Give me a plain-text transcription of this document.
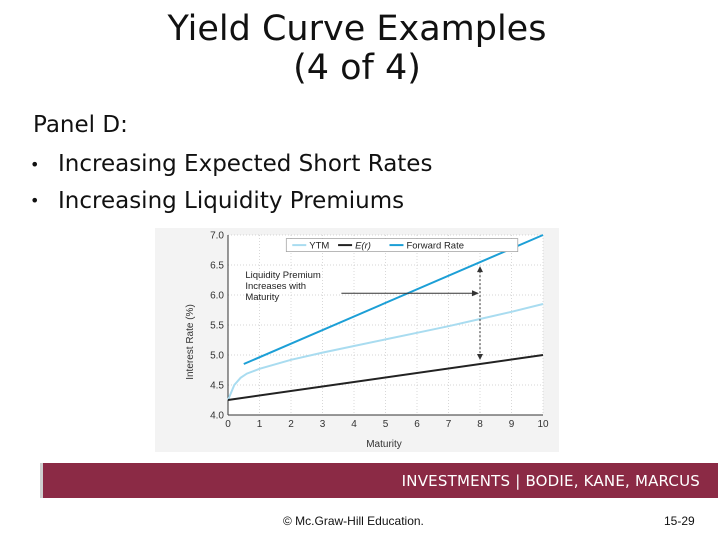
Yield Curve Examples
(4 of 4)
Panel D:
• Increasing Expected Short Rates
• Increasing Liquidity Premiums
0	1	2	3	4	5	6	7	8	9 10
4.0
4.5
5.0
5.5
6.0
6.5
7.0
Liquidity Premium
Increases with
Maturity
YTM	E(r)	Forward Rate
Interest Rate (%)
Maturity
INVESTMENTS | BODIE, KANE, MARCUS
© Mc.Graw-Hill Education.	15-29
